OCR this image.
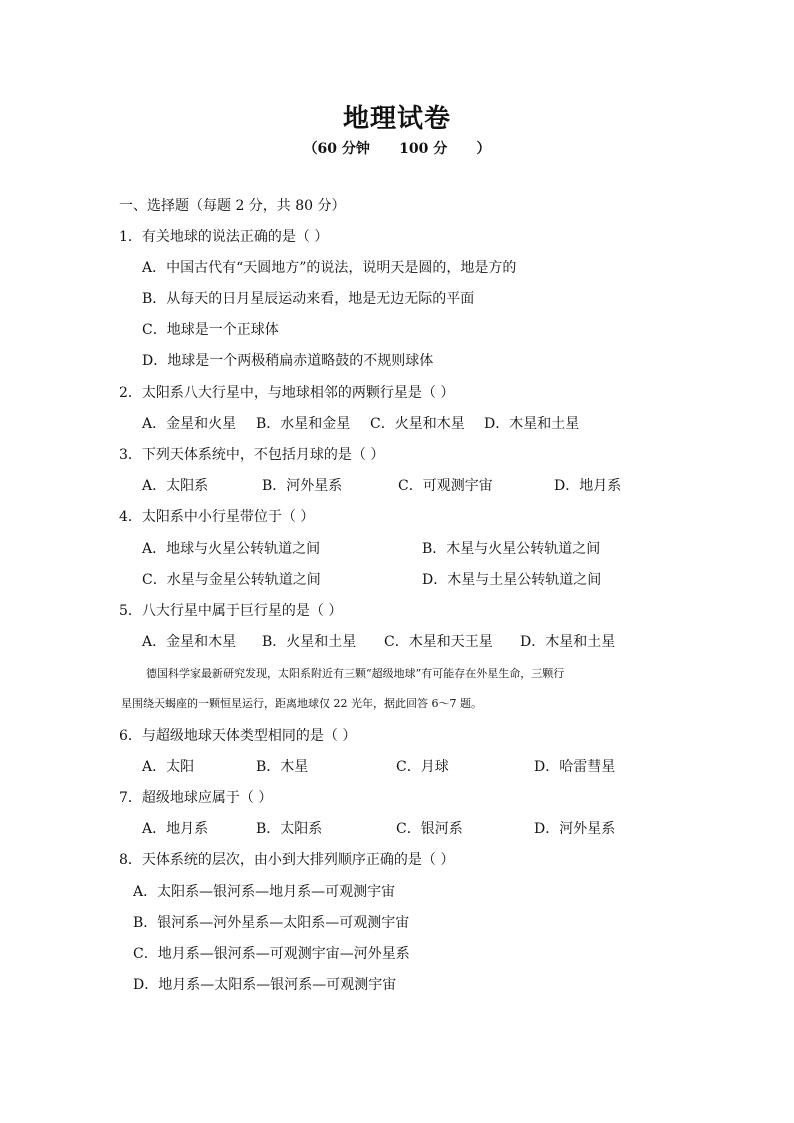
地理试卷
（60 分钟      100 分      ）
一、选择题（每题 2 分，共 80 分）
1．有关地球的说法正确的是（ ）
A．中国古代有“天圆地方”的说法，说明天是圆的，地是方的
B．从每天的日月星辰运动来看，地是无边无际的平面
C．地球是一个正球体
D．地球是一个两极稍扁赤道略鼓的不规则球体
2．太阳系八大行星中，与地球相邻的两颗行星是（ ）
A．金星和火星 B．水星和金星 C．火星和木星 D．木星和土星
3．下列天体系统中，不包括月球的是（ ）
A．太阳系	B．河外星系	C．可观测宇宙	D．地月系
4．太阳系中小行星带位于（ ）
A．地球与火星公转轨道之间	B．木星与火星公转轨道之间
C．水星与金星公转轨道之间	D．木星与土星公转轨道之间
5．八大行星中属于巨行星的是（ ）
A．金星和木星 B．火星和土星 C．木星和天王星 D．木星和土星
德国科学家最新研究发现，太阳系附近有三颗“超级地球”有可能存在外星生命，三颗行
星围绕天蝎座的一颗恒星运行，距离地球仅 22 光年，据此回答 6～7 题。
6．与超级地球天体类型相同的是（ ）
A．太阳	B．木星	C．月球	D．哈雷彗星
7．超级地球应属于（ ）
A．地月系	B．太阳系	C．银河系	D．河外星系
8．天体系统的层次，由小到大排列顺序正确的是（ ）
A．太阳系—银河系—地月系—可观测宇宙
B．银河系—河外星系—太阳系—可观测宇宙
C．地月系—银河系—可观测宇宙—河外星系
D．地月系—太阳系—银河系—可观测宇宙
